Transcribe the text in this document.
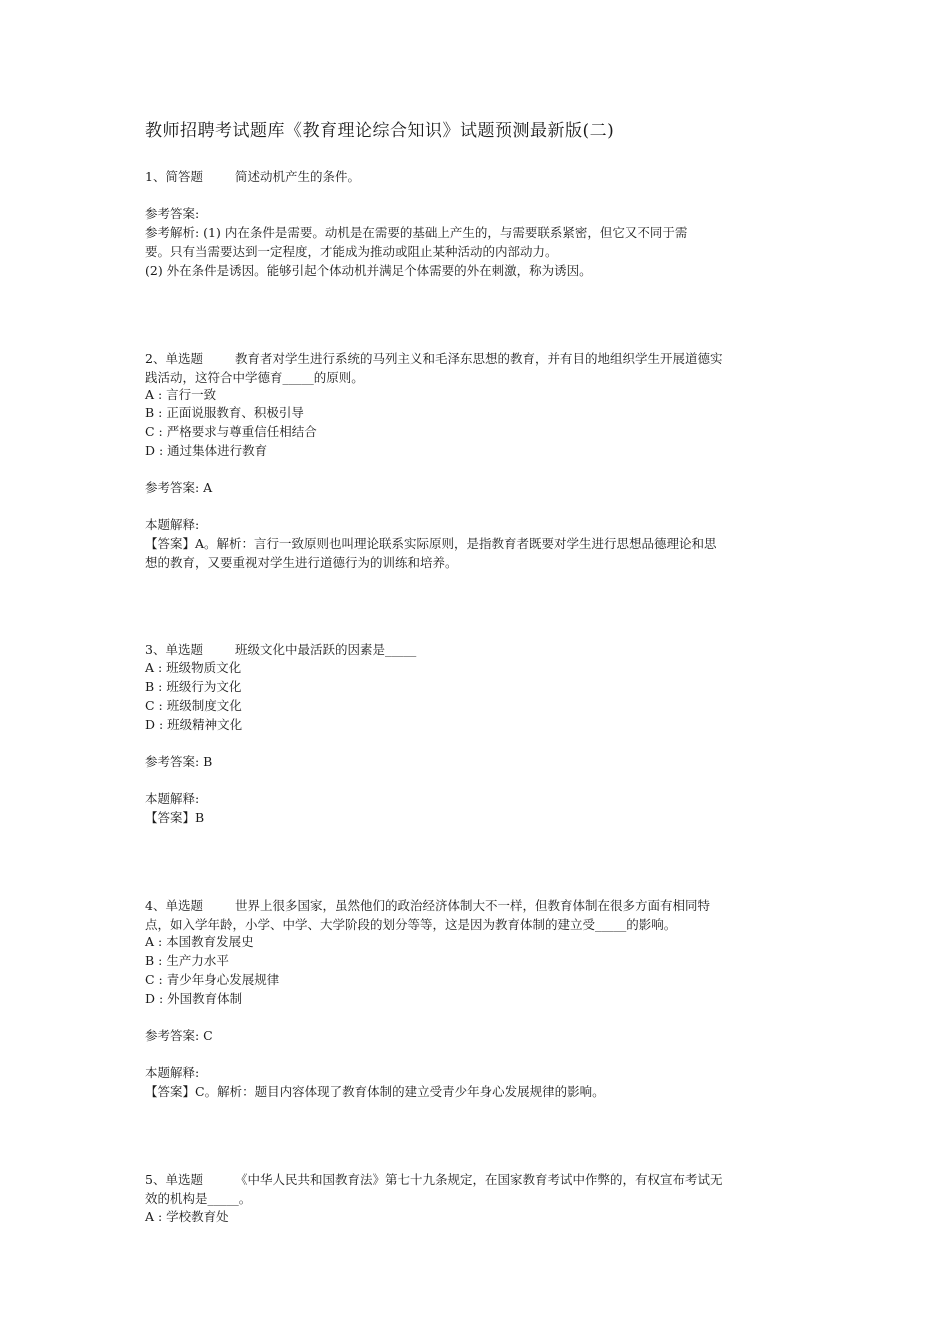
教师招聘考试题库《教育理论综合知识》试题预测最新版(二)
1、简答题	简述动机产生的条件。
参考答案:
参考解析: (1) 内在条件是需要。动机是在需要的基础上产生的，与需要联系紧密，但它又不同于需
要。只有当需要达到一定程度，才能成为推动或阻止某种活动的内部动力。
(2) 外在条件是诱因。能够引起个体动机并满足个体需要的外在刺激，称为诱因。
2、单选题	教育者对学生进行系统的马列主义和毛泽东思想的教育，并有目的地组织学生开展道德实
践活动，这符合中学德育_____的原则。
A : 言行一致
B : 正面说服教育、积极引导
C : 严格要求与尊重信任相结合
D : 通过集体进行教育
参考答案: A
本题解释:
【答案】A。解析：言行一致原则也叫理论联系实际原则，是指教育者既要对学生进行思想品德理论和思
想的教育，又要重视对学生进行道德行为的训练和培养。
3、单选题	班级文化中最活跃的因素是_____
A : 班级物质文化
B : 班级行为文化
C : 班级制度文化
D : 班级精神文化
参考答案: B
本题解释:
【答案】B
4、单选题	世界上很多国家，虽然他们的政治经济体制大不一样，但教育体制在很多方面有相同特
点，如入学年龄，小学、中学、大学阶段的划分等等，这是因为教育体制的建立受_____的影响。
A : 本国教育发展史
B : 生产力水平
C : 青少年身心发展规律
D : 外国教育体制
参考答案: C
本题解释:
【答案】C。解析：题目内容体现了教育体制的建立受青少年身心发展规律的影响。
5、单选题	《中华人民共和国教育法》第七十九条规定，在国家教育考试中作弊的，有权宣布考试无
效的机构是_____。
A : 学校教育处
